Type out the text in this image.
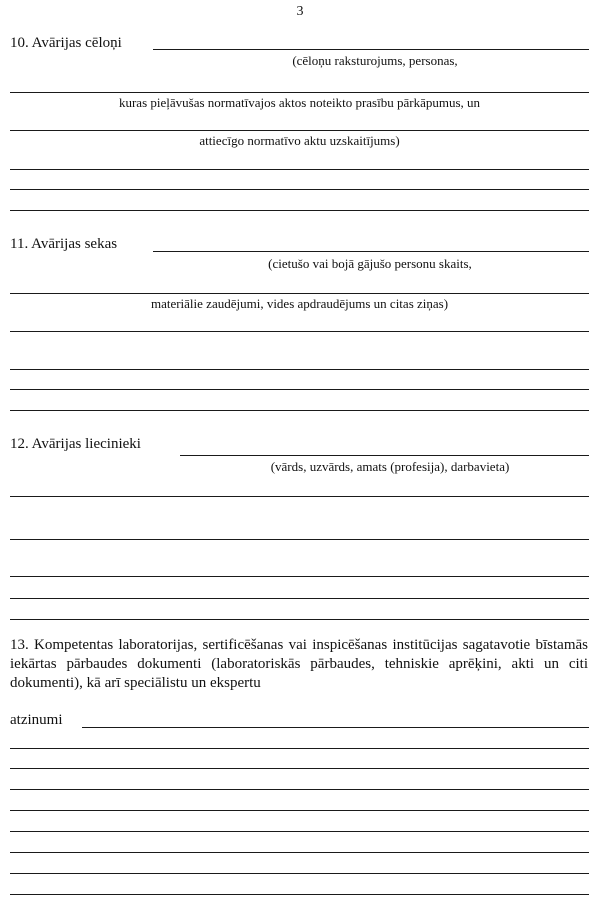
3
10. Avārijas cēloņi
(cēloņu raksturojums, personas,
kuras pieļāvušas normatīvajos aktos noteikto prasību pārkāpumus, un
attiecīgo normatīvo aktu uzskaitījums)
11. Avārijas sekas
(cietušo vai bojā gājušo personu skaits,
materiālie zaudējumi, vides apdraudējums un citas ziņas)
12. Avārijas liecinieki
(vārds, uzvārds, amats (profesija), darbavieta)
13. Kompetentas laboratorijas, sertificēšanas vai inspicēšanas institūcijas sagatavotie bīstamās iekārtas pārbaudes dokumenti (laboratoriskās pārbaudes, tehniskie aprēķini, akti un citi dokumenti), kā arī speciālistu un ekspertu
atzinumi
